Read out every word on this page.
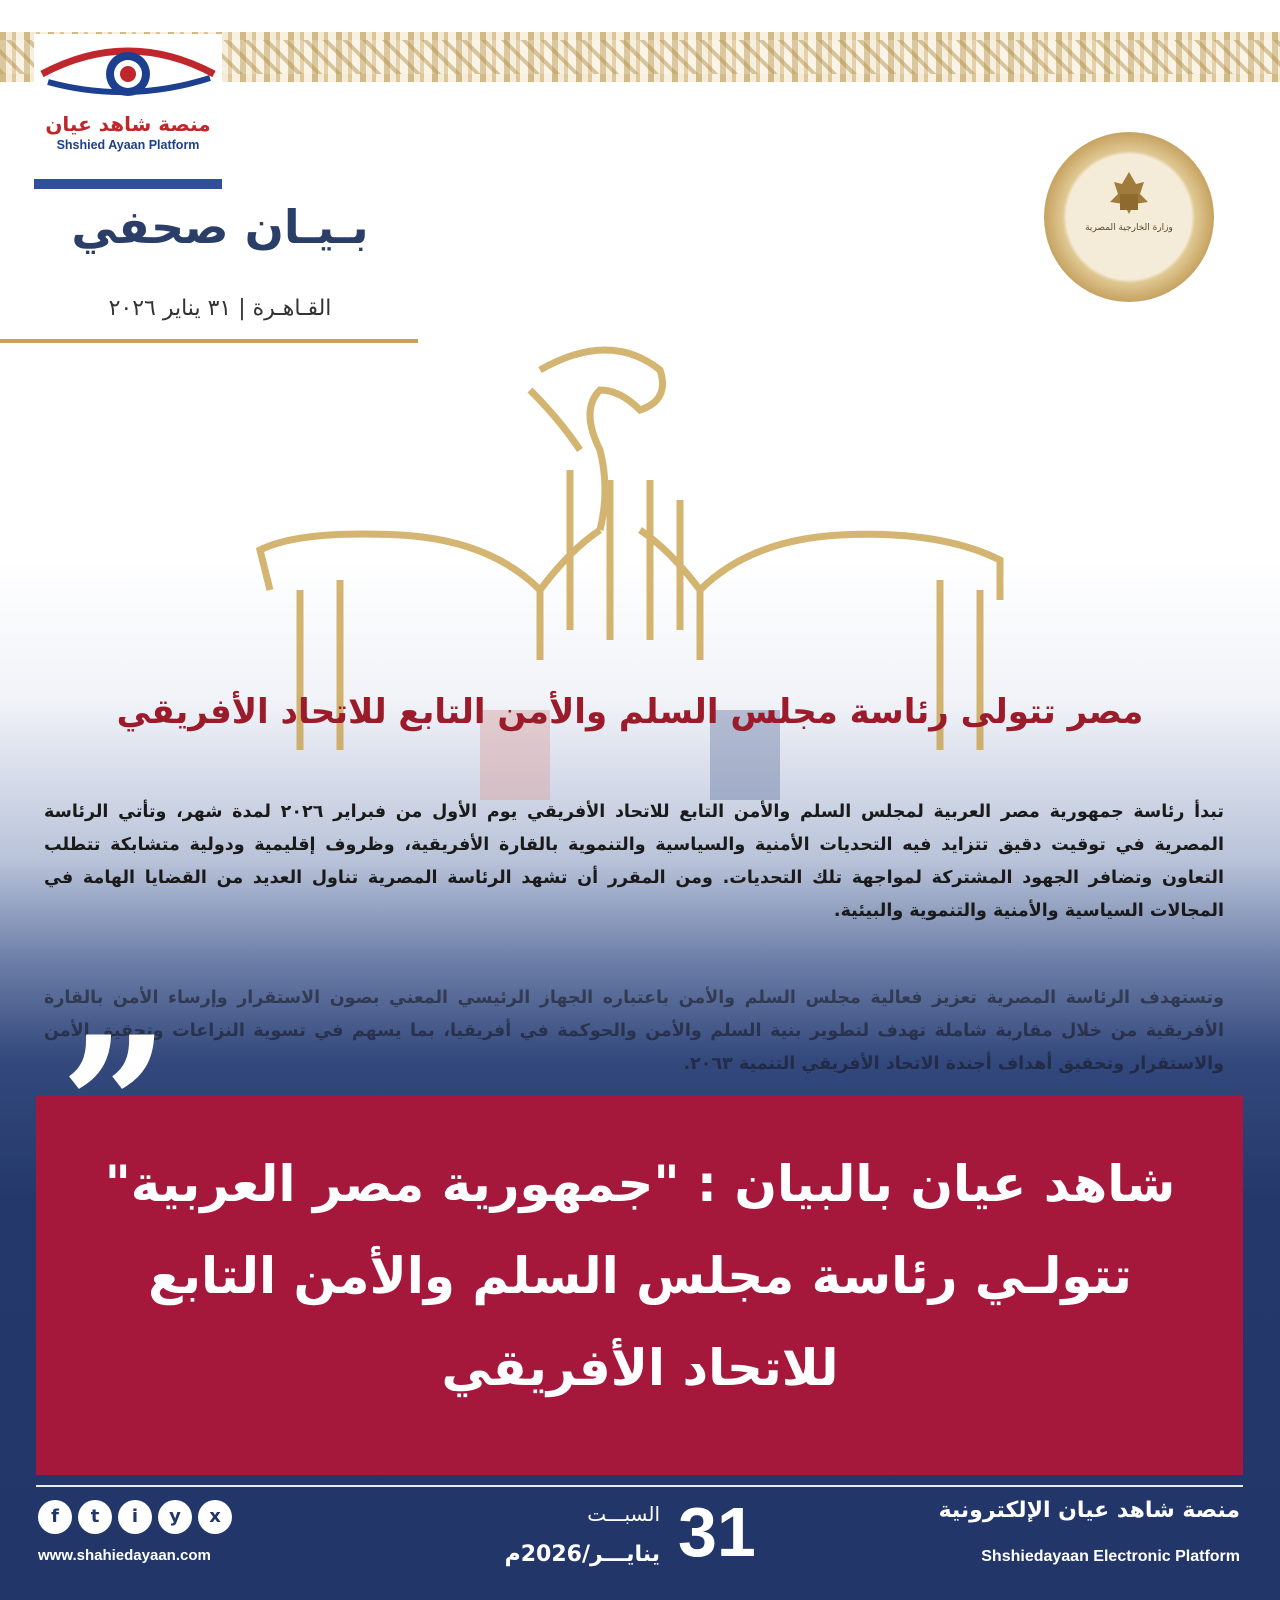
منصة شاهد عيان
Shshied Ayaan Platform
بـيـان صحفي
القـاهـرة | ٣١ يناير ٢٠٢٦
وزارة الخارجية المصرية
مصر تتولى رئاسة مجلس السلم والأمن التابع للاتحاد الأفريقي
تبدأ رئاسة جمهورية مصر العربية لمجلس السلم والأمن التابع للاتحاد الأفريقي يوم الأول من فبراير ٢٠٢٦ لمدة شهر، وتأتي الرئاسة المصرية في توقيت دقيق تتزايد فيه التحديات الأمنية والسياسية والتنموية بالقارة الأفريقية، وظروف إقليمية ودولية متشابكة تتطلب التعاون وتضافر الجهود المشتركة لمواجهة تلك التحديات. ومن المقرر أن تشهد الرئاسة المصرية تناول العديد من القضايا الهامة في المجالات السياسية والأمنية والتنموية والبيئية.
وتستهدف الرئاسة المصرية تعزيز فعالية مجلس السلم والأمن باعتباره الجهاز الرئيسي المعني بصون الاستقرار وإرساء الأمن بالقارة الأفريقية من خلال مقاربة شاملة تهدف لتطوير بنية السلم والأمن والحوكمة في أفريقيا، بما يسهم في تسوية النزاعات وتحقيق الأمن والاستقرار وتحقيق أهداف أجندة الاتحاد الأفريقي التنمية ٢٠٦٣.
”
شاهد عيان بالبيان : "جمهورية مصر العربية"
تتولـي رئاسة مجلس السلم والأمن التابع
للاتحاد الأفريقي
f	t	i	y	x
www.shahiedayaan.com	31
السبـــت
ينايـــر/2026م
منصة شاهد عيان الإلكترونية
Shshiedayaan Electronic Platform
